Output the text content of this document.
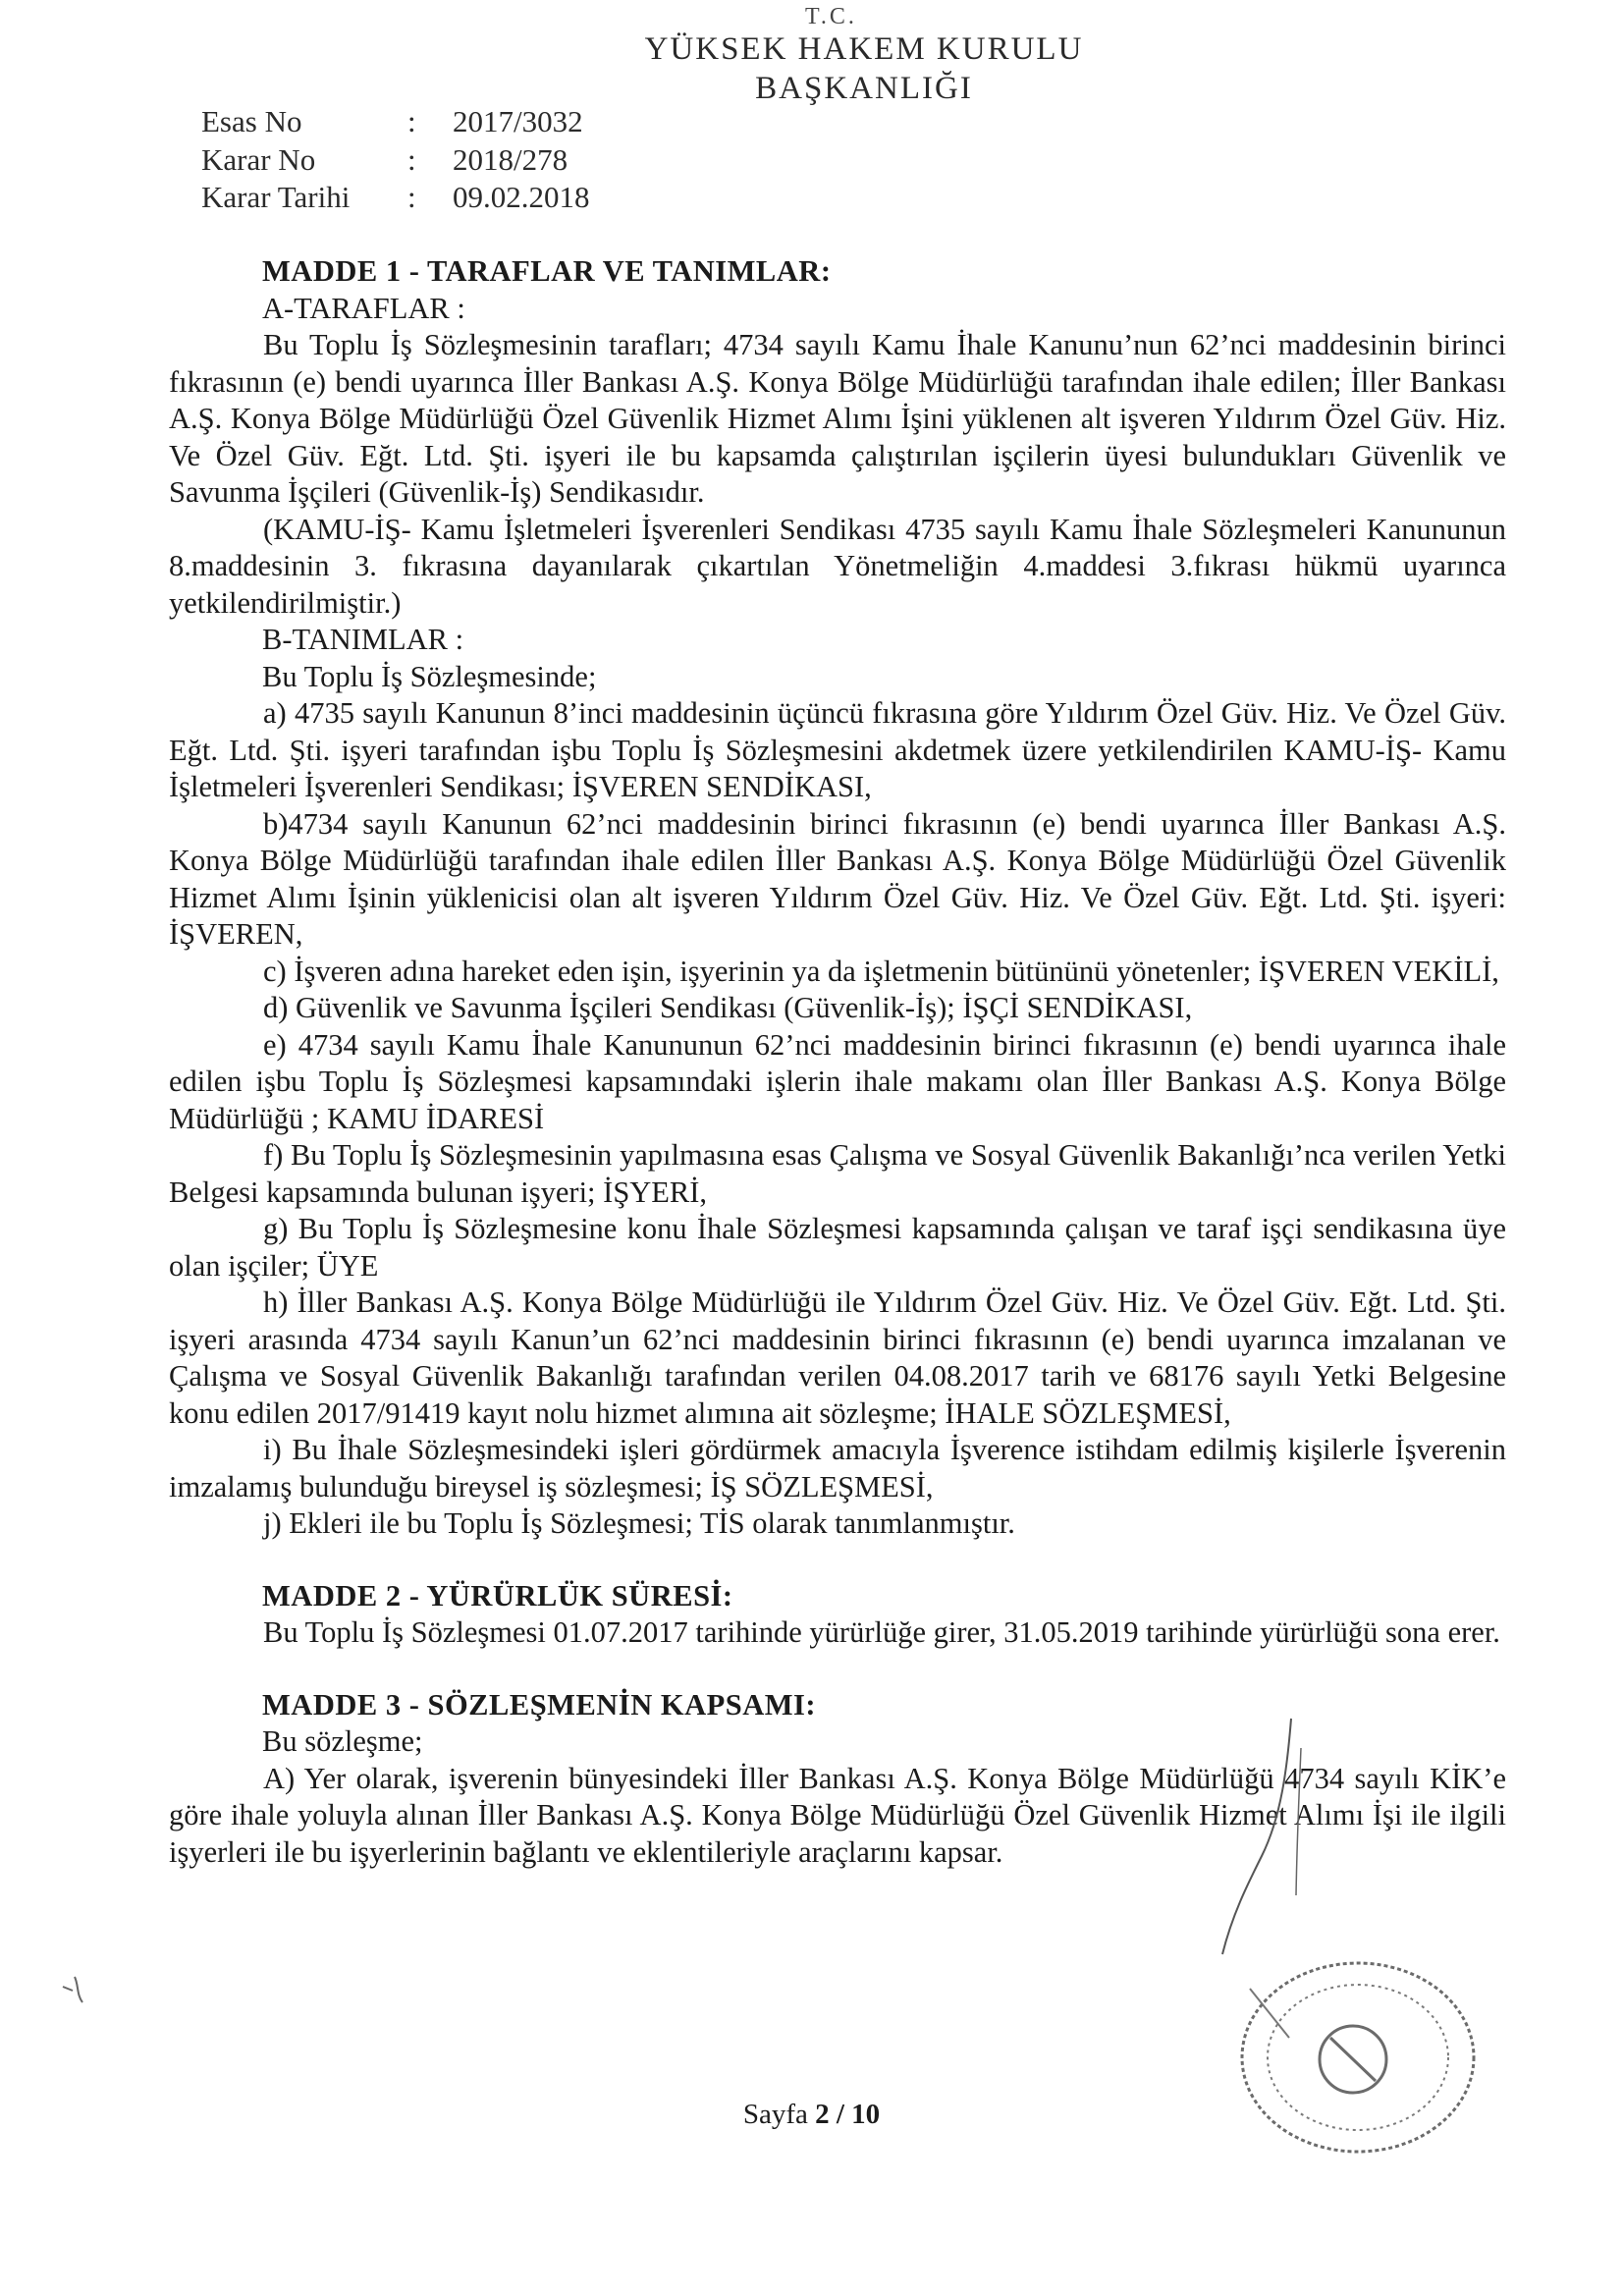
T.C.
YÜKSEK HAKEM KURULU
BAŞKANLIĞI
Esas No	: 2017/3032
Karar No	: 2018/278
Karar Tarihi : 09.02.2018

MADDE 1 - TARAFLAR VE TANIMLAR:

A-TARAFLAR :

Bu Toplu İş Sözleşmesinin tarafları; 4734 sayılı Kamu İhale Kanunu’nun 62’nci maddesinin birinci fıkrasının (e) bendi uyarınca İller Bankası A.Ş. Konya Bölge Müdürlüğü tarafından ihale edilen; İller Bankası A.Ş. Konya Bölge Müdürlüğü Özel Güvenlik Hizmet Alımı İşini yüklenen alt işveren Yıldırım Özel Güv. Hiz. Ve Özel Güv. Eğt. Ltd. Şti. işyeri ile bu kapsamda çalıştırılan işçilerin üyesi bulundukları Güvenlik ve Savunma İşçileri (Güvenlik-İş) Sendikasıdır.

(KAMU-İŞ- Kamu İşletmeleri İşverenleri Sendikası 4735 sayılı Kamu İhale Sözleşmeleri Kanununun 8.maddesinin 3. fıkrasına dayanılarak çıkartılan Yönetmeliğin 4.maddesi 3.fıkrası hükmü uyarınca yetkilendirilmiştir.)

B-TANIMLAR :

Bu Toplu İş Sözleşmesinde;

a) 4735 sayılı Kanunun 8’inci maddesinin üçüncü fıkrasına göre Yıldırım Özel Güv. Hiz. Ve Özel Güv. Eğt. Ltd. Şti. işyeri tarafından işbu Toplu İş Sözleşmesini akdetmek üzere yetkilendirilen KAMU-İŞ- Kamu İşletmeleri İşverenleri Sendikası; İŞVEREN SENDİKASI,

b)4734 sayılı Kanunun 62’nci maddesinin birinci fıkrasının (e) bendi uyarınca İller Bankası A.Ş. Konya Bölge Müdürlüğü tarafından ihale edilen İller Bankası A.Ş. Konya Bölge Müdürlüğü Özel Güvenlik Hizmet Alımı İşinin yüklenicisi olan alt işveren Yıldırım Özel Güv. Hiz. Ve Özel Güv. Eğt. Ltd. Şti. işyeri: İŞVEREN,

c) İşveren adına hareket eden işin, işyerinin ya da işletmenin bütününü yönetenler; İŞVEREN VEKİLİ,

d) Güvenlik ve Savunma İşçileri Sendikası (Güvenlik-İş); İŞÇİ SENDİKASI,

e) 4734 sayılı Kamu İhale Kanununun 62’nci maddesinin birinci fıkrasının (e) bendi uyarınca ihale edilen işbu Toplu İş Sözleşmesi kapsamındaki işlerin ihale makamı olan İller Bankası A.Ş. Konya Bölge Müdürlüğü ; KAMU İDARESİ

f) Bu Toplu İş Sözleşmesinin yapılmasına esas Çalışma ve Sosyal Güvenlik Bakanlığı’nca verilen Yetki Belgesi kapsamında bulunan işyeri; İŞYERİ,

g) Bu Toplu İş Sözleşmesine konu İhale Sözleşmesi kapsamında çalışan ve taraf işçi sendikasına üye olan işçiler; ÜYE

h) İller Bankası A.Ş. Konya Bölge Müdürlüğü ile Yıldırım Özel Güv. Hiz. Ve Özel Güv. Eğt. Ltd. Şti. işyeri arasında 4734 sayılı Kanun’un 62’nci maddesinin birinci fıkrasının (e) bendi uyarınca imzalanan ve Çalışma ve Sosyal Güvenlik Bakanlığı tarafından verilen 04.08.2017 tarih ve 68176 sayılı Yetki Belgesine konu edilen 2017/91419 kayıt nolu hizmet alımına ait sözleşme; İHALE SÖZLEŞMESİ,

i) Bu İhale Sözleşmesindeki işleri gördürmek amacıyla İşverence istihdam edilmiş kişilerle İşverenin imzalamış bulunduğu bireysel iş sözleşmesi; İŞ SÖZLEŞMESİ,

j) Ekleri ile bu Toplu İş Sözleşmesi; TİS olarak tanımlanmıştır.

MADDE 2 - YÜRÜRLÜK SÜRESİ:

Bu Toplu İş Sözleşmesi 01.07.2017 tarihinde yürürlüğe girer, 31.05.2019 tarihinde yürürlüğü sona erer.

MADDE 3 - SÖZLEŞMENİN KAPSAMI:

Bu sözleşme;

A) Yer olarak, işverenin bünyesindeki İller Bankası A.Ş. Konya Bölge Müdürlüğü 4734 sayılı KİK’e göre ihale yoluyla alınan İller Bankası A.Ş. Konya Bölge Müdürlüğü Özel Güvenlik Hizmet Alımı İşi ile ilgili işyerleri ile bu işyerlerinin bağlantı ve eklentileriyle araçlarını kapsar.

Sayfa 2 / 10
